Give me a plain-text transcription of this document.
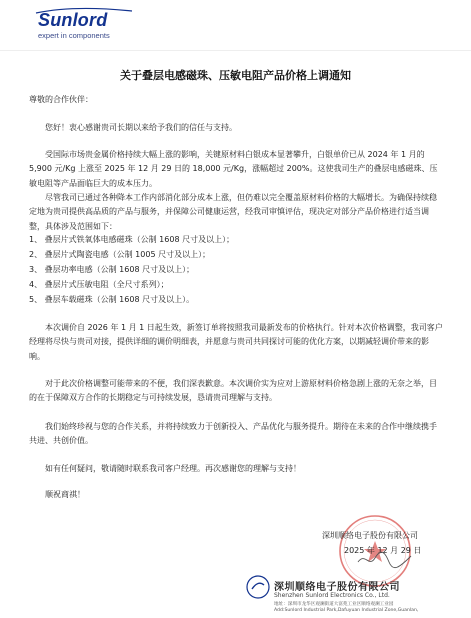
Sunlord
expert in components
关于叠层电感磁珠、压敏电阻产品价格上调通知

尊敬的合作伙伴：

您好！衷心感谢贵司长期以来给予我们的信任与支持。

受国际市场贵金属价格持续大幅上涨的影响，关键原材料白银成本显著攀升，白银单价已从 2024 年 1 月的 5,900 元/Kg 上涨至 2025 年 12 月 29 日的 18,000 元/Kg，涨幅超过 200%。这使我司生产的叠层电感磁珠、压敏电阻等产品面临巨大的成本压力。

尽管我司已通过各种降本工作内部消化部分成本上涨，但仍难以完全覆盖原材料价格的大幅增长。为确保持续稳定地为贵司提供高品质的产品与服务，并保障公司健康运营，经我司审慎评估，现决定对部分产品价格进行适当调整，具体涉及范围如下：

1、 叠层片式铁氧体电感磁珠（公制 1608 尺寸及以上）；
2、 叠层片式陶瓷电感（公制 1005 尺寸及以上）；
3、 叠层功率电感（公制 1608 尺寸及以上）；
4、 叠层片式压敏电阻（全尺寸系列）；
5、 叠层车载磁珠（公制 1608 尺寸及以上）。

本次调价自 2026 年 1 月 1 日起生效，新签订单将按照我司最新发布的价格执行。针对本次价格调整，我司客户经理将尽快与贵司对接，提供详细的调价明细表，并愿意与贵司共同探讨可能的优化方案，以期减轻调价带来的影响。

对于此次价格调整可能带来的不便，我们深表歉意。本次调价实为应对上游原材料价格急剧上涨的无奈之举，目的在于保障双方合作的长期稳定与可持续发展，恳请贵司理解与支持。

我们始终珍视与您的合作关系，并将持续致力于创新投入、产品优化与服务提升。期待在未来的合作中继续携手共进、共创价值。

如有任何疑问，敬请随时联系我司客户经理。再次感谢您的理解与支持！

顺祝商祺！

深圳顺络电子股份有限公司
2025 年 12 月 29 日
深圳顺络电子股份有限公司
Shenzhen Sunlord Electronics Co., Ltd.
地址：深圳市龙华区观澜街道大富苑工业区顺络观澜工业园
Add:Sunlord Industrial Park,Dafuyuan Industrial Zone,Guanlan,
